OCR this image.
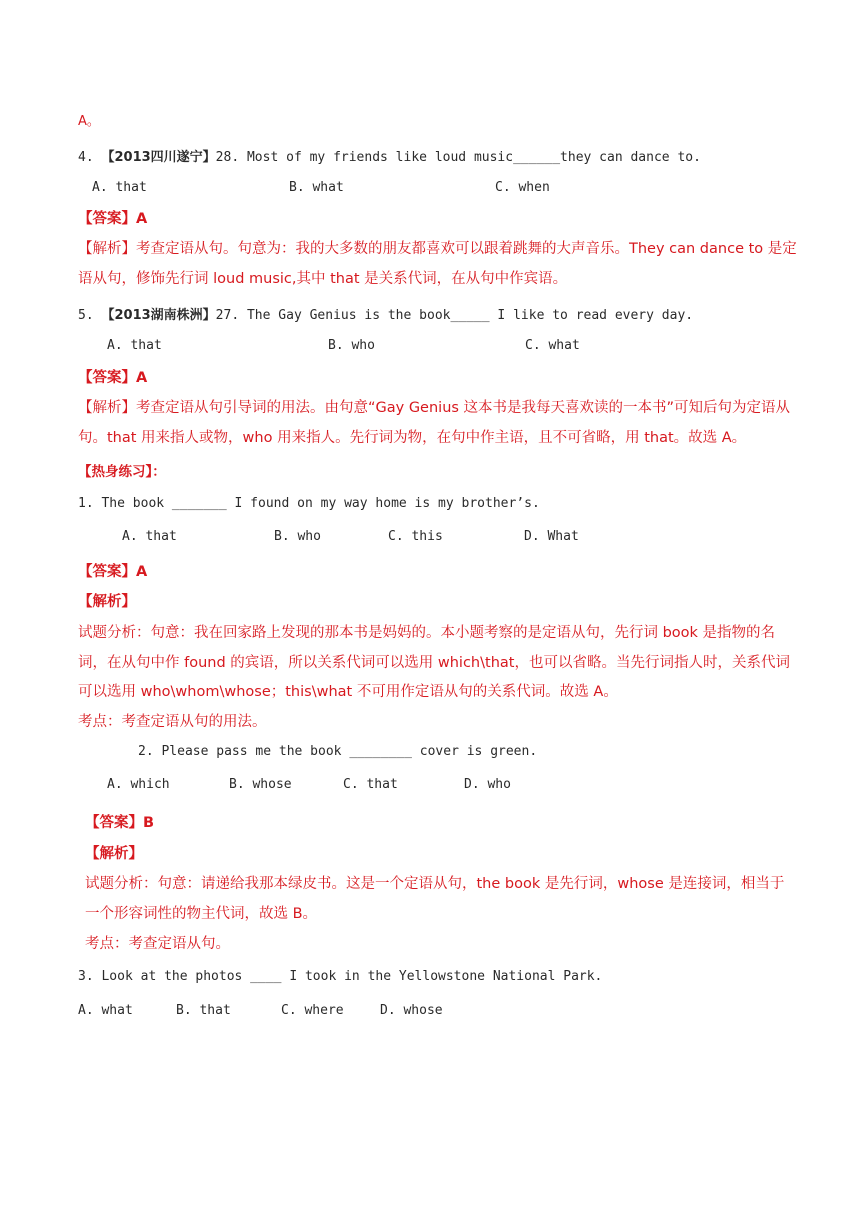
A。
4. 【2013四川遂宁】28. Most of my friends like loud music______they can dance to.
A. that	B. what	C. when
【答案】A
【解析】考查定语从句。句意为：我的大多数的朋友都喜欢可以跟着跳舞的大声音乐。They can dance to 是定
语从句，修饰先行词 loud music,其中 that 是关系代词，在从句中作宾语。
5. 【2013湖南株洲】27. The Gay Genius is the book_____ I like to read every day.
A. that	B. who	C. what
【答案】A
【解析】考查定语从句引导词的用法。由句意“Gay Genius 这本书是我每天喜欢读的一本书”可知后句为定语从
句。that 用来指人或物，who 用来指人。先行词为物，在句中作主语，且不可省略，用 that。故选 A。
【热身练习】：
1. The book _______ I found on my way home is my brother’s.
A. that	B. who	C. this	D. What
【答案】A
【解析】
试题分析：句意：我在回家路上发现的那本书是妈妈的。本小题考察的是定语从句，先行词 book 是指物的名
词，在从句中作 found 的宾语，所以关系代词可以选用 which\that，也可以省略。当先行词指人时，关系代词
可以选用 who\whom\whose；this\what 不可用作定语从句的关系代词。故选 A。
考点：考查定语从句的用法。
2. Please pass me the book ________ cover is green.
A. which	B. whose	C. that	D. who
【答案】B
【解析】
试题分析：句意：请递给我那本绿皮书。这是一个定语从句，the book 是先行词，whose 是连接词，相当于
一个形容词性的物主代词，故选 B。
考点：考查定语从句。
3. Look at the photos ____ I took in the Yellowstone National Park.
A. what	B. that	C. where	D. whose
